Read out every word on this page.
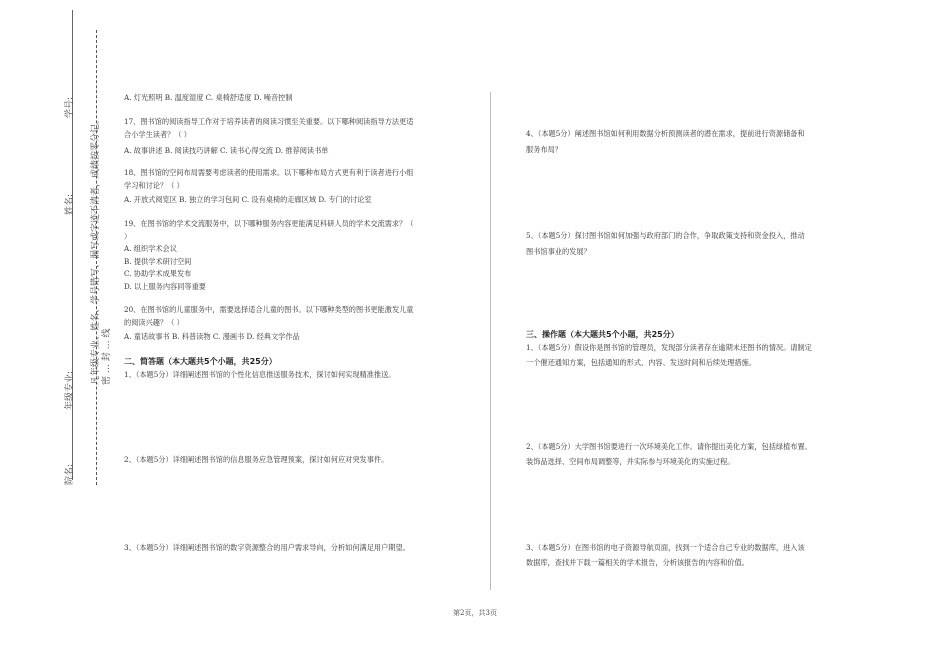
学号:
姓名:
年级专业:
院名:
凡年级专业、姓名、学号错写、漏写或字迹不清者，成绩按零分记。 密 … 封 … 线

A. 灯光照明 B. 温度湿度 C. 桌椅舒适度 D. 噪音控制

17、图书馆的阅读指导工作对于培养读者的阅读习惯至关重要。以下哪种阅读指导方法更适

合小学生读者？（ ）

A. 故事讲述 B. 阅读技巧讲解 C. 读书心得交流 D. 推荐阅读书单

18、图书馆的空间布局需要考虑读者的使用需求。以下哪种布局方式更有利于读者进行小组

学习和讨论？（ ）

A. 开放式阅览区 B. 独立的学习包间 C. 设有桌椅的走廊区域 D. 专门的讨论室

19、在图书馆的学术交流服务中，以下哪种服务内容更能满足科研人员的学术交流需求？（

）

A. 组织学术会议

B. 提供学术研讨空间

C. 协助学术成果发布

D. 以上服务内容同等重要

20、在图书馆的儿童服务中，需要选择适合儿童的图书。以下哪种类型的图书更能激发儿童

的阅读兴趣？（ ）

A. 童话故事书 B. 科普读物 C. 漫画书 D. 经典文学作品

二、简答题（本大题共5个小题，共25分）

1、（本题5分）详细阐述图书馆的个性化信息推送服务技术，探讨如何实现精准推送。

2、（本题5分）详细阐述图书馆的信息服务应急管理预案，探讨如何应对突发事件。

3、（本题5分）详细阐述图书馆的数字资源整合的用户需求导向，分析如何满足用户期望。

4、（本题5分）阐述图书馆如何利用数据分析预测读者的潜在需求，提前进行资源储备和

服务布局？

5、（本题5分）探讨图书馆如何加强与政府部门的合作，争取政策支持和资金投入，推动

图书馆事业的发展？

三、操作题（本大题共5个小题，共25分）

1、（本题5分）假设你是图书馆的管理员，发现部分读者存在逾期未还图书的情况。请制定

一个催还通知方案，包括通知的形式、内容、发送时间和后续处理措施。

2、（本题5分）大学图书馆要进行一次环境美化工作。请你提出美化方案，包括绿植布置、

装饰品选择、空间布局调整等，并实际参与环境美化的实施过程。

3、（本题5分）在图书馆的电子资源导航页面，找到一个适合自己专业的数据库，进入该

数据库，查找并下载一篇相关的学术报告，分析该报告的内容和价值。

第2页，共3页
